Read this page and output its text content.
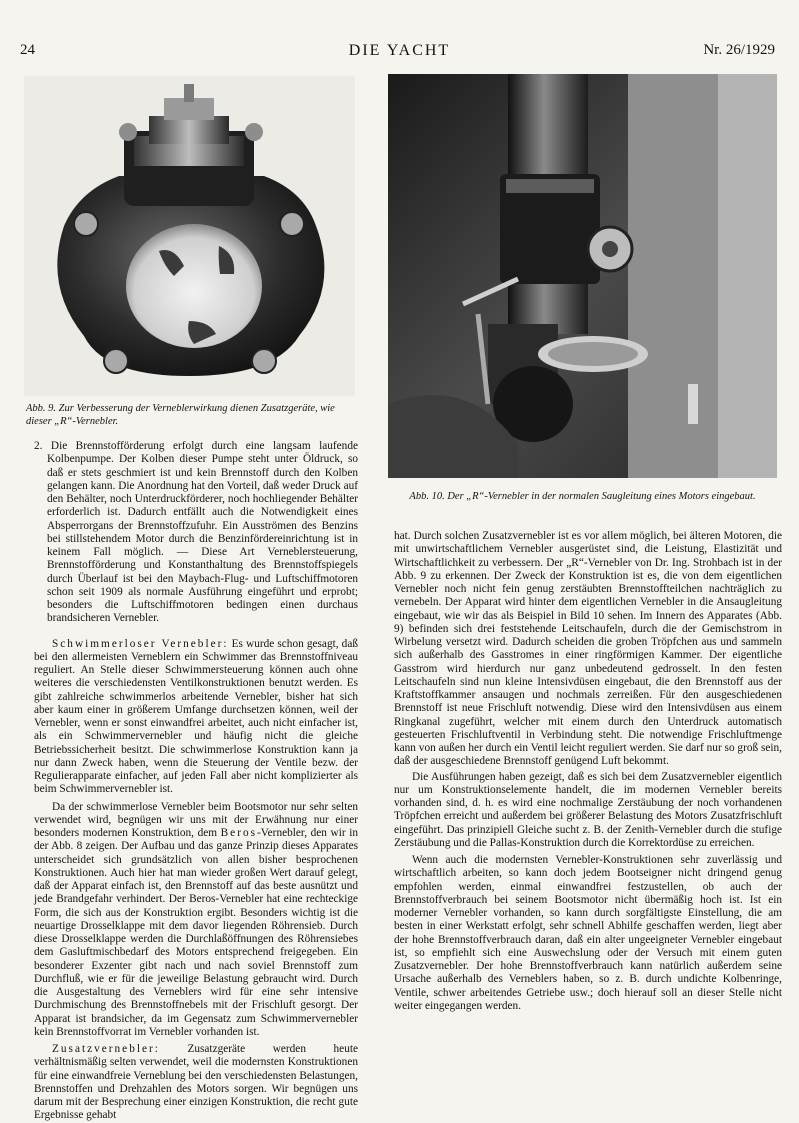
24	DIE YACHT	Nr. 26/1929
Abb. 9. Zur Verbesserung der Vernеblerwirkung dienen Zusatzgeräte, wie dieser „R“-Vernebler.
Abb. 10. Der „R“-Vernebler in der normalen Saugleitung eines Motors eingebaut.

2. Die Brennstofförderung erfolgt durch eine langsam laufende Kolbenpumpe. Der Kolben dieser Pumpe steht unter Öldruck, so daß er stets geschmiert ist und kein Brennstoff durch den Kolben gelangen kann. Die Anordnung hat den Vorteil, daß weder Druck auf den Behälter, noch Unterdruckförderer, noch hochliegender Behälter erforderlich ist. Dadurch entfällt auch die Notwendigkeit eines Absperrorgans der Brennstoffzufuhr. Ein Ausströmen des Benzins bei stillstehendem Motor durch die Benzinfördereinrichtung ist in keinem Fall möglich. — Diese Art Verneblersteuerung, Brennstofförderung und Konstanthaltung des Brennstoffspiegels durch Überlauf ist bei den Maybach-Flug- und Luftschiffmotoren schon seit 1909 als normale Ausführung eingeführt und erprobt; besonders die Luftschiffmotoren bedingen einen durchaus brandsicheren Vernebler.

Schwimmerloser Vernebler: Es wurde schon gesagt, daß bei den allermeisten Verneblern ein Schwimmer das Brennstoffniveau reguliert. An Stelle dieser Schwimmersteuerung können auch ohne weiteres die verschiedensten Ventilkonstruktionen benutzt werden. Es gibt zahlreiche schwimmerlos arbeitende Vernebler, bisher hat sich aber kaum einer in größerem Umfange durchsetzen können, weil der Vernebler, wenn er sonst einwandfrei arbeitet, auch nicht einfacher ist, als ein Schwimmervernebler und häufig nicht die gleiche Betriebssicherheit besitzt. Die schwimmerlose Konstruktion kann ja nur dann Zweck haben, wenn die Steuerung der Ventile bezw. der Regulierapparate einfacher, auf jeden Fall aber nicht komplizierter als beim Schwimmervernebler ist.

Da der schwimmerlose Vernebler beim Bootsmotor nur sehr selten verwendet wird, begnügen wir uns mit der Erwähnung nur einer besonders modernen Konstruktion, dem Beros-Vernebler, den wir in der Abb. 8 zeigen. Der Aufbau und das ganze Prinzip dieses Apparates unterscheidet sich grundsätzlich von allen bisher besprochenen Konstruktionen. Auch hier hat man wieder großen Wert darauf gelegt, daß der Apparat einfach ist, den Brennstoff auf das beste ausnützt und jede Brandgefahr verhindert. Der Beros-Vernebler hat eine rechteckige Form, die sich aus der Konstruktion ergibt. Besonders wichtig ist die neuartige Drosselklappe mit dem davor liegenden Röhrensieb. Durch diese Drosselklappe werden die Durchlaßöffnungen des Röhrensiebes dem Gasluftmischbedarf des Motors entsprechend freigegeben. Ein besonderer Exzenter gibt nach und nach soviel Brennstoff zum Durchfluß, wie er für die jeweilige Belastung gebraucht wird. Durch die Ausgestaltung des Verneblers wird für eine sehr intensive Durchmischung des Brennstoffnebels mit der Frischluft gesorgt. Der Apparat ist brandsicher, da im Gegensatz zum Schwimmervernebler kein Brennstoffvorrat im Vernebler vorhanden ist.

Zusatzvernebler: Zusatzgeräte werden heute verhältnismäßig selten verwendet, weil die modernsten Konstruktionen für eine einwandfreie Verneblung bei den verschiedensten Belastungen, Brennstoffen und Drehzahlen des Motors sorgen. Wir begnügen uns darum mit der Besprechung einer einzigen Konstruktion, die recht gute Ergebnisse gehabt

hat. Durch solchen Zusatzvernebler ist es vor allem möglich, bei älteren Motoren, die mit unwirtschaftlichem Vernebler ausgerüstet sind, die Leistung, Elastizität und Wirtschaftlichkeit zu verbessern. Der „R“-Vernebler von Dr. Ing. Strohbach ist in der Abb. 9 zu erkennen. Der Zweck der Konstruktion ist es, die von dem eigentlichen Vernebler noch nicht fein genug zerstäubten Brennstoffteilchen nachträglich zu vernebeln. Der Apparat wird hinter dem eigentlichen Vernebler in die Ansaugleitung eingebaut, wie wir das als Beispiel in Bild 10 sehen. Im Innern des Apparates (Abb. 9) befinden sich drei feststehende Leitschaufeln, durch die der Gemischstrom in Wirbelung versetzt wird. Dadurch scheiden die groben Tröpfchen aus und sammeln sich außerhalb des Gasstromes in einer ringförmigen Kammer. Der eigentliche Gasstrom wird hierdurch nur ganz unbedeutend gedrosselt. In den festen Leitschaufeln sind nun kleine Intensivdüsen eingebaut, die den Brennstoff aus der Kraftstoffkammer ansaugen und nochmals zerreißen. Für den ausgeschiedenen Brennstoff ist neue Frischluft notwendig. Diese wird den Intensivdüsen aus einem Ringkanal zugeführt, welcher mit einem durch den Unterdruck automatisch gesteuerten Frischluftventil in Verbindung steht. Die notwendige Frischluftmenge kann von außen her durch ein Ventil leicht reguliert werden. Sie darf nur so groß sein, daß der ausgeschiedene Brennstoff genügend Luft bekommt.

Die Ausführungen haben gezeigt, daß es sich bei dem Zusatzvernebler eigentlich nur um Konstruktionselemente handelt, die im modernen Vernebler bereits vorhanden sind, d. h. es wird eine nochmalige Zerstäubung der noch vorhandenen Tröpfchen erreicht und außerdem bei größerer Belastung des Motors Zusatzfrischluft eingeführt. Das prinzipiell Gleiche sucht z. B. der Zenith-Vernebler durch die stufige Zerstäubung und die Pallas-Konstruktion durch die Korrektordüse zu erreichen.

Wenn auch die modernsten Vernebler-Konstruktionen sehr zuverlässig und wirtschaftlich arbeiten, so kann doch jedem Bootseigner nicht dringend genug empfohlen werden, einmal einwandfrei festzustellen, ob auch der Brennstoffverbrauch bei seinem Bootsmotor nicht übermäßig hoch ist. Ist ein moderner Vernebler vorhanden, so kann durch sorgfältigste Einstellung, die am besten in einer Werkstatt erfolgt, sehr schnell Abhilfe geschaffen werden, liegt aber der hohe Brennstoffverbrauch daran, daß ein alter ungeeigneter Vernebler eingebaut ist, so empfiehlt sich eine Auswechslung oder der Versuch mit einem guten Zusatzvernebler. Der hohe Brennstoffverbrauch kann natürlich außerdem seine Ursache außerhalb des Verneblers haben, so z. B. durch undichte Kolbenringe, Ventile, schwer arbeitendes Getriebe usw.; doch hierauf soll an dieser Stelle nicht weiter eingegangen werden.
